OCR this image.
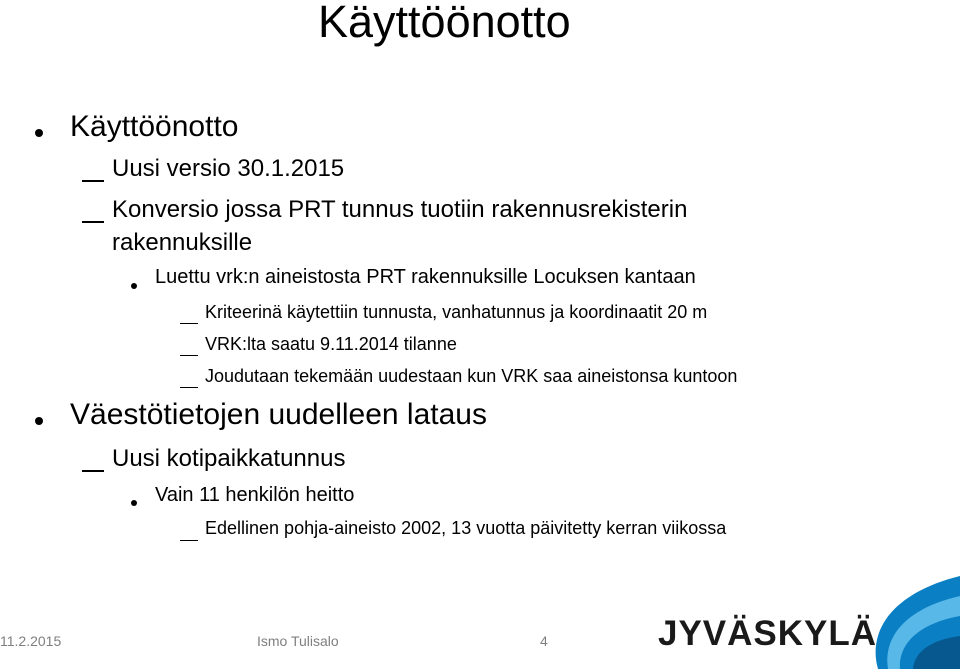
Käyttöönotto
Käyttöönotto
Uusi versio 30.1.2015
Konversio jossa PRT tunnus tuotiin rakennusrekisterin
rakennuksille
Luettu vrk:n aineistosta PRT rakennuksille Locuksen kantaan
Kriteerinä käytettiin tunnusta, vanhatunnus ja koordinaatit 20 m
VRK:lta saatu 9.11.2014 tilanne
Joudutaan tekemään uudestaan kun VRK saa aineistonsa kuntoon
Väestötietojen uudelleen lataus
Uusi kotipaikkatunnus
Vain 11 henkilön heitto
Edellinen pohja-aineisto 2002, 13 vuotta päivitetty kerran viikossa
11.2.2015	Ismo Tulisalo	4	JYVÄSKYLÄ
